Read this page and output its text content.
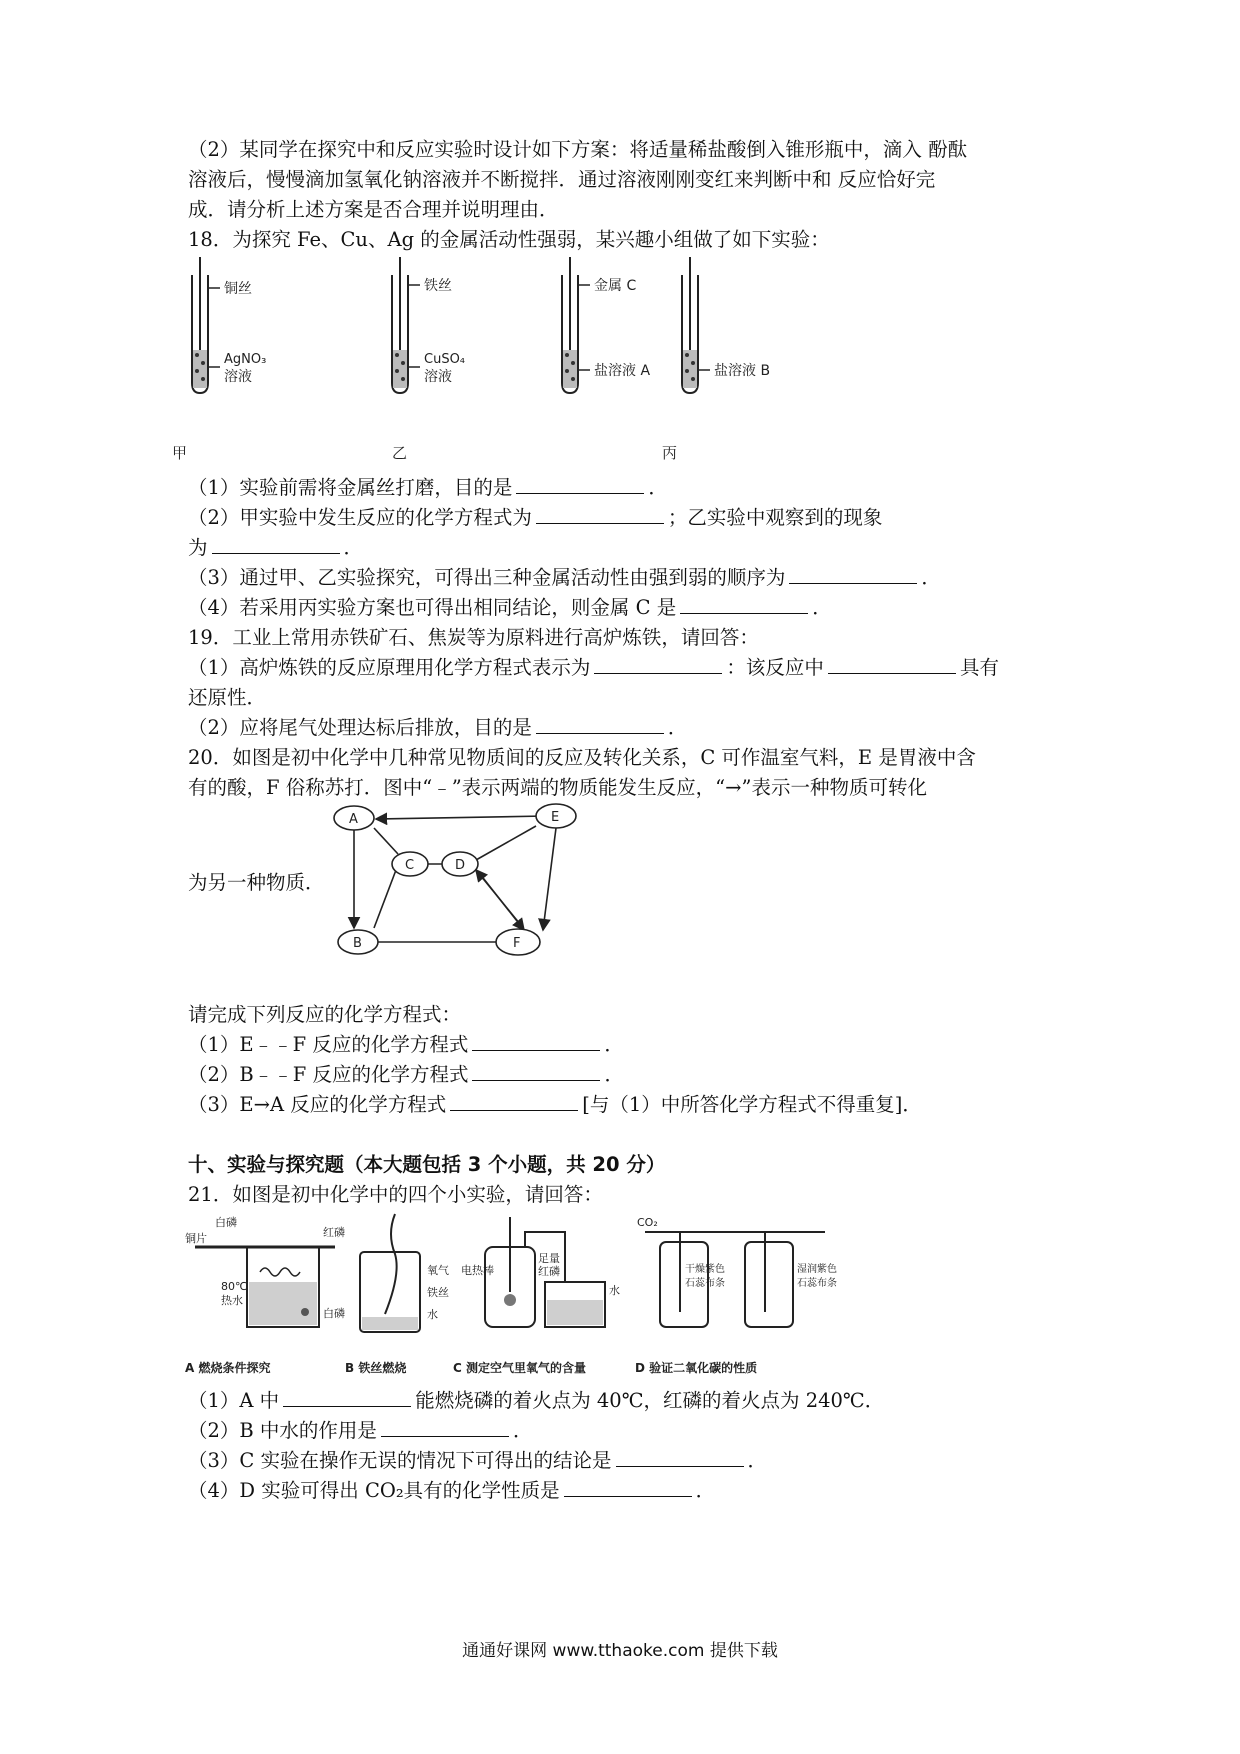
（2）某同学在探究中和反应实验时设计如下方案：将适量稀盐酸倒入锥形瓶中，滴入 酚酞
溶液后，慢慢滴加氢氧化钠溶液并不断搅拌．通过溶液刚刚变红来判断中和 反应恰好完
成．请分析上述方案是否合理并说明理由．
18．为探究 Fe、Cu、Ag 的金属活动性强弱，某兴趣小组做了如下实验：
铜丝
AgNO₃
溶液
甲
铁丝
CuSO₄
溶液
乙
金属 C
盐溶液 A	盐溶液 B
丙
（1）实验前需将金属丝打磨，目的是	．
（2）甲实验中发生反应的化学方程式为	；乙实验中观察到的现象
为	．
（3）通过甲、乙实验探究，可得出三种金属活动性由强到弱的顺序为	．
（4）若采用丙实验方案也可得出相同结论，则金属 C 是	．
19．工业上常用赤铁矿石、焦炭等为原料进行高炉炼铁，请回答：
（1）高炉炼铁的反应原理用化学方程式表示为	：该反应中	具有
还原性．
（2）应将尾气处理达标后排放，目的是	．
20．如图是初中化学中几种常见物质间的反应及转化关系，C 可作温室气料，E 是胃液中含
有的酸，F 俗称苏打．图中“﹣”表示两端的物质能发生反应，“→”表示一种物质可转化
A
B
C	D
E
F
为另一种物质．
请完成下列反应的化学方程式：
（1）E﹣﹣F 反应的化学方程式	．
（2）B﹣﹣F 反应的化学方程式	．
（3）E→A 反应的化学方程式	[与（1）中所答化学方程式不得重复]．
十、实验与探究题（本大题包括 3 个小题，共 20 分）
21．如图是初中化学中的四个小实验，请回答：
白磷
红磷
铜片
80℃
热水
白磷
A 燃烧条件探究
氧气
铁丝
水
B 铁丝燃烧
电热棒
足量
红磷
水
C 测定空气里氧气的含量
CO₂
干燥紫色
石蕊布条
湿润紫色
石蕊布条
D 验证二氧化碳的性质
（1）A 中	能燃烧磷的着火点为 40℃，红磷的着火点为 240℃．
（2）B 中水的作用是	．
（3）C 实验在操作无误的情况下可得出的结论是	．
（4）D 实验可得出 CO₂具有的化学性质是	．
通通好课网 www.tthaoke.com 提供下载
